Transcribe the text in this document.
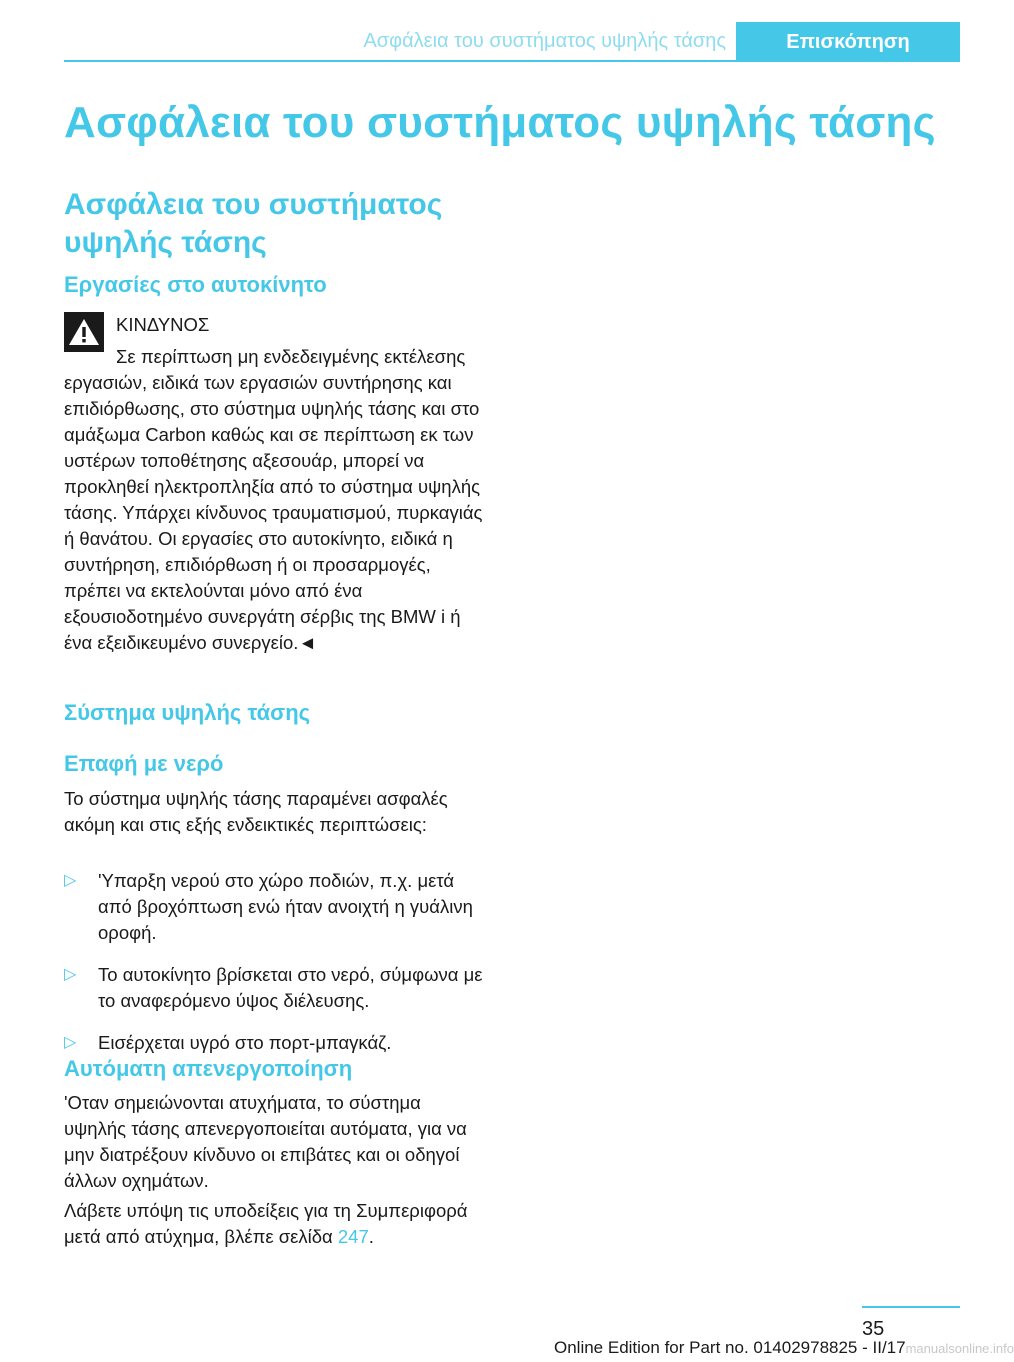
Ασφάλεια του συστήματος υψηλής τάσης	Επισκόπηση
Ασφάλεια του συστήματος υψηλής τάσης
Ασφάλεια του συστήματος υψηλής τάσης
Εργασίες στο αυτοκίνητο
ΚΙΝΔΥΝΟΣ

Σε περίπτωση μη ενδεδειγμένης εκτέλεσης εργασιών, ειδικά των εργασιών συντήρησης και επιδιόρθωσης, στο σύστημα υψηλής τάσης και στο αμάξωμα Carbon καθώς και σε περίπτωση εκ των υστέρων τοποθέτησης αξεσουάρ, μπορεί να προκληθεί ηλεκτροπληξία από το σύστημα υψηλής τάσης. Υπάρχει κίνδυνος τραυματισμού, πυρκαγιάς ή θανάτου. Οι εργασίες στο αυτοκίνητο, ειδικά η συντήρηση, επιδιόρθωση ή οι προσαρμογές, πρέπει να εκτελούνται μόνο από ένα εξουσιοδοτημένο συνεργάτη σέρβις της BMW i ή ένα εξειδικευμένο συνεργείο.◄

Σύστημα υψηλής τάσης
Επαφή με νερό

Το σύστημα υψηλής τάσης παραμένει ασφαλές ακόμη και στις εξής ενδεικτικές περιπτώσεις:

▷ 'Υπαρξη νερού στο χώρο ποδιών, π.χ. μετά από βροχόπτωση ενώ ήταν ανοιχτή η γυάλινη οροφή.
▷ Το αυτοκίνητο βρίσκεται στο νερό, σύμφωνα με το αναφερόμενο ύψος διέλευσης.
▷ Εισέρχεται υγρό στο πορτ-μπαγκάζ.
Αυτόματη απενεργοποίηση

'Οταν σημειώνονται ατυχήματα, το σύστημα υψηλής τάσης απενεργοποιείται αυτόματα, για να μην διατρέξουν κίνδυνο οι επιβάτες και οι οδηγοί άλλων οχημάτων.

Λάβετε υπόψη τις υποδείξεις για τη Συμπεριφορά μετά από ατύχημα, βλέπε σελίδα 247.

35
Online Edition for Part no. 01402978825 - II/17manualsonline.info
